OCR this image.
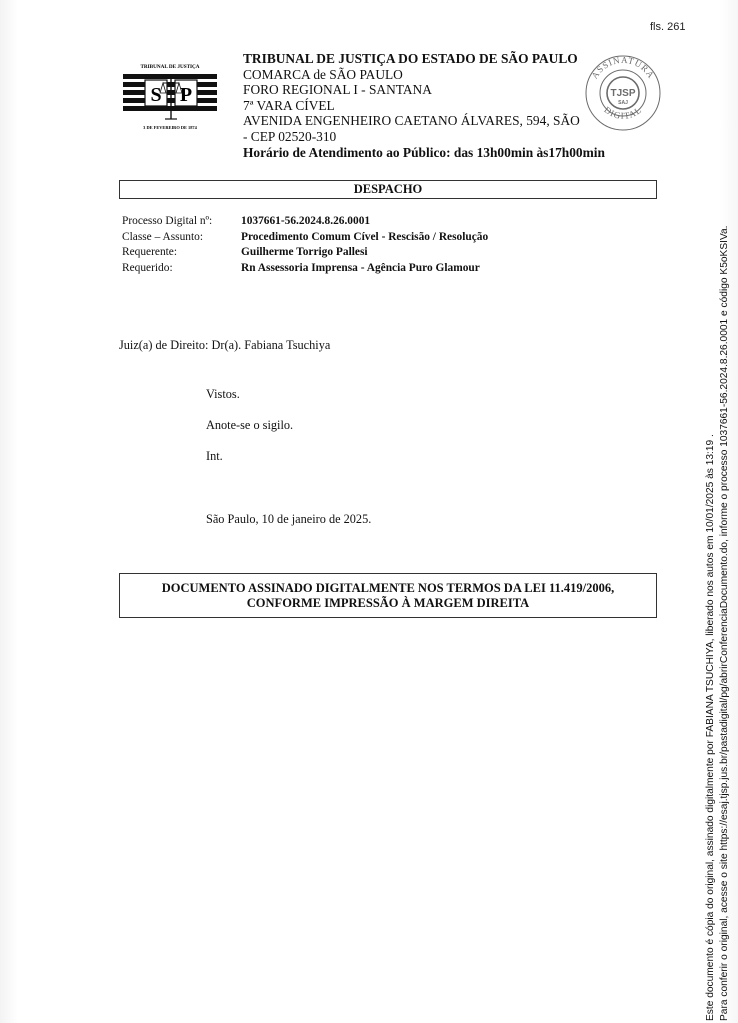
fls. 261
TRIBUNAL DE JUSTIÇA
S P
3 DE FEVEREIRO DE 1874
TRIBUNAL DE JUSTIÇA DO ESTADO DE SÃO PAULO
COMARCA de SÃO PAULO
FORO REGIONAL I - SANTANA
7ª VARA CÍVEL
AVENIDA ENGENHEIRO CAETANO ÁLVARES, 594, SÃO
- CEP 02520-310
Horário de Atendimento ao Público: das 13h00min às17h00min
ASSINATURA
DIGITAL
TJSP
SAJ
DESPACHO
Processo Digital nº:	1037661-56.2024.8.26.0001
Classe – Assunto:	Procedimento Comum Cível - Rescisão / Resolução
Requerente:	Guilherme Torrigo Pallesi
Requerido:	Rn Assessoria Imprensa - Agência Puro Glamour
Juiz(a) de Direito: Dr(a). Fabiana Tsuchiya
Vistos.
Anote-se o sigilo.
Int.
São Paulo, 10 de janeiro de 2025.
DOCUMENTO ASSINADO DIGITALMENTE NOS TERMOS DA LEI 11.419/2006,
CONFORME IMPRESSÃO À MARGEM DIREITA	Este documento é cópia do original, assinado digitalmente por FABIANA TSUCHIYA, liberado nos autos em 10/01/2025 às 13:19 . Para conferir o original, acesse o site https://esaj.tjsp.jus.br/pastadigital/pg/abrirConferenciaDocumento.do, informe o processo 1037661-56.2024.8.26.0001 e código K5oKSIVa.
